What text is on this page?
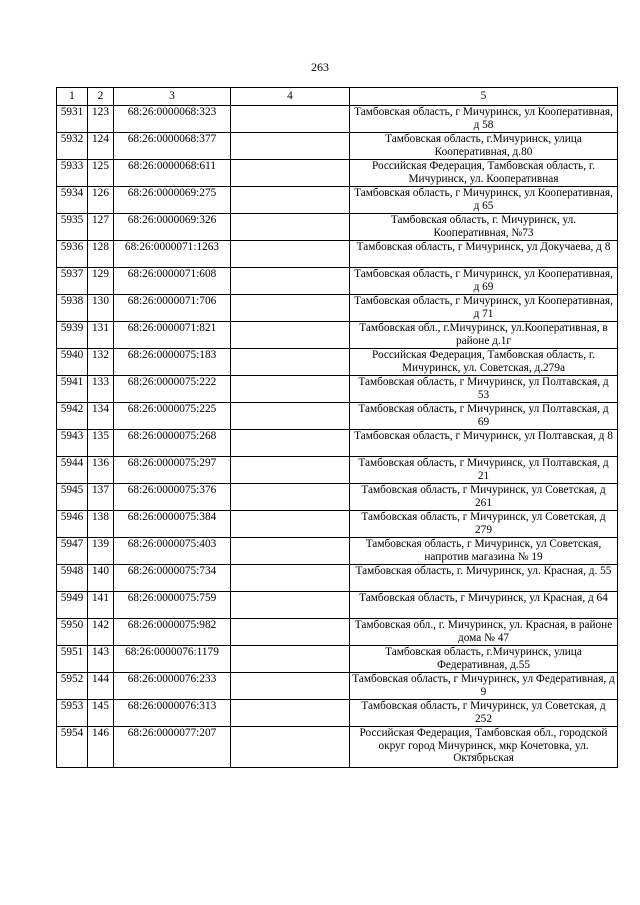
263
1	2	3	4	5
5931	123	68:26:0000068:323		Тамбовская область, г Мичуринск, ул Кооперативная, д 58
5932	124	68:26:0000068:377		Тамбовская область, г.Мичуринск, улица Кооперативная, д.80
5933	125	68:26:0000068:611		Российская Федерация, Тамбовская область, г. Мичуринск, ул. Кооперативная
5934	126	68:26:0000069:275		Тамбовская область, г Мичуринск, ул Кооперативная, д 65
5935	127	68:26:0000069:326		Тамбовская область, г. Мичуринск, ул. Кооперативная, №73
5936	128	68:26:0000071:1263		Тамбовская область, г Мичуринск, ул Докучаева, д 8
5937	129	68:26:0000071:608		Тамбовская область, г Мичуринск, ул Кооперативная, д 69
5938	130	68:26:0000071:706		Тамбовская область, г Мичуринск, ул Кооперативная, д 71
5939	131	68:26:0000071:821		Тамбовская обл., г.Мичуринск, ул.Кооперативная, в районе д.1г
5940	132	68:26:0000075:183		Российская Федерация, Тамбовская область, г. Мичуринск, ул. Советская, д.279а
5941	133	68:26:0000075:222		Тамбовская область, г Мичуринск, ул Полтавская, д 53
5942	134	68:26:0000075:225		Тамбовская область, г Мичуринск, ул Полтавская, д 69
5943	135	68:26:0000075:268		Тамбовская область, г Мичуринск, ул Полтавская, д 8
5944	136	68:26:0000075:297		Тамбовская область, г Мичуринск, ул Полтавская, д 21
5945	137	68:26:0000075:376		Тамбовская область, г Мичуринск, ул Советская, д 261
5946	138	68:26:0000075:384		Тамбовская область, г Мичуринск, ул Советская, д 279
5947	139	68:26:0000075:403		Тамбовская область, г Мичуринск, ул Советская, напротив магазина № 19
5948	140	68:26:0000075:734		Тамбовская область, г. Мичуринск, ул. Красная, д. 55
5949	141	68:26:0000075:759		Тамбовская область, г Мичуринск, ул Красная, д 64
5950	142	68:26:0000075:982		Тамбовская обл., г. Мичуринск, ул. Красная, в районе дома № 47
5951	143	68:26:0000076:1179		Тамбовская область, г.Мичуринск, улица Федеративная, д.55
5952	144	68:26:0000076:233		Тамбовская область, г Мичуринск, ул Федеративная, д 9
5953	145	68:26:0000076:313		Тамбовская область, г Мичуринск, ул Советская, д 252
5954	146	68:26:0000077:207		Российская Федерация, Тамбовская обл., городской округ город Мичуринск, мкр Кочетовка, ул. Октябрьская
